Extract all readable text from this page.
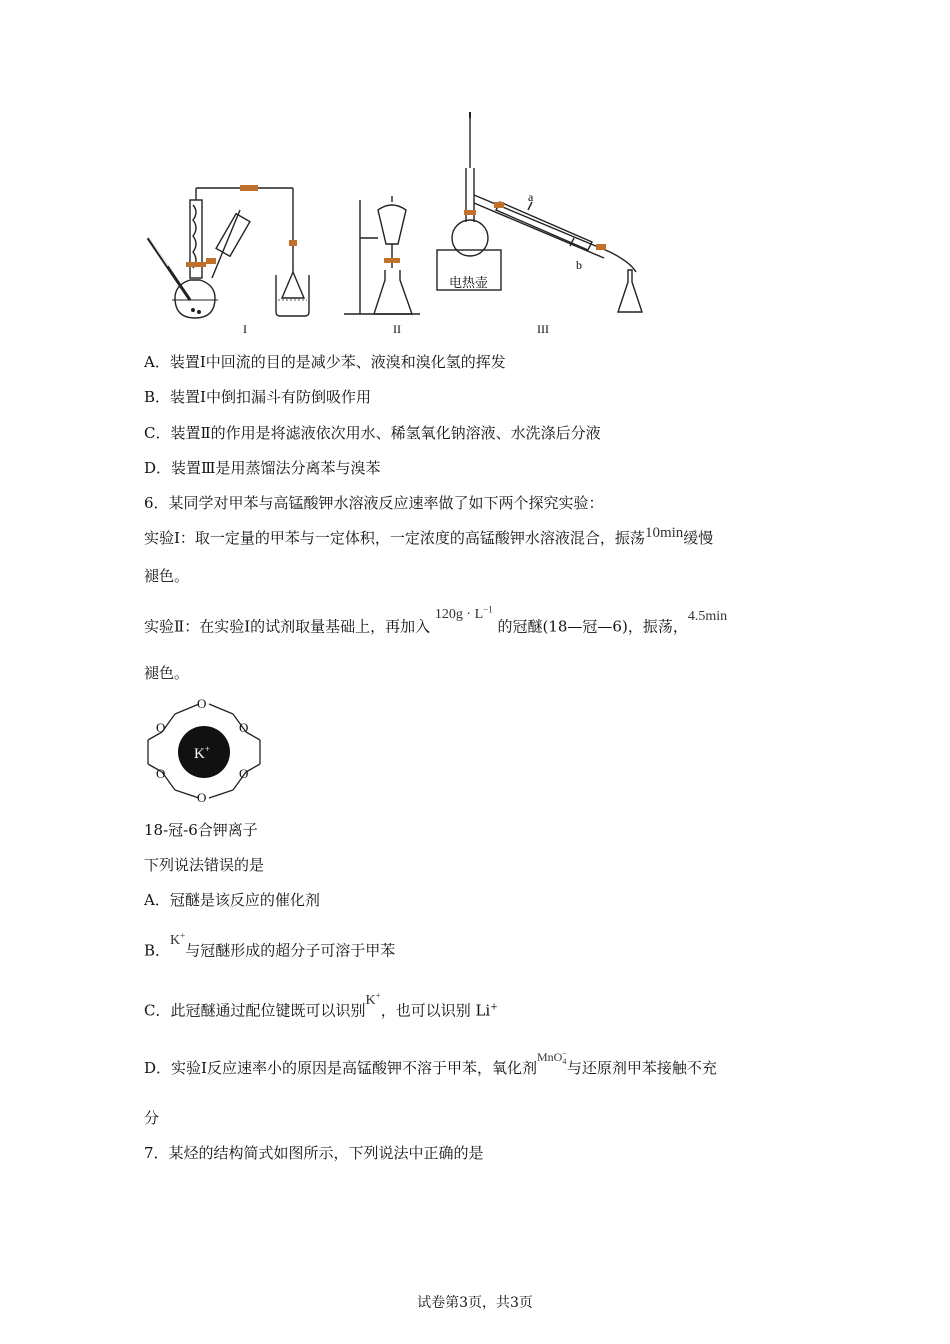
I	II	III
电热壶
a
b
A．装置Ⅰ中回流的目的是减少苯、液溴和溴化氢的挥发
B．装置Ⅰ中倒扣漏斗有防倒吸作用
C．装置Ⅱ的作用是将滤液依次用水、稀氢氧化钠溶液、水洗涤后分液
D．装置Ⅲ是用蒸馏法分离苯与溴苯
6．某同学对甲苯与高锰酸钾水溶液反应速率做了如下两个探究实验：
实验Ⅰ：取一定量的甲苯与一定体积，一定浓度的高锰酸钾水溶液混合，振荡10min缓慢
褪色。
实验Ⅱ：在实验Ⅰ的试剂取量基础上，再加入 $120g \cdot L^{-1}$ 的冠醚(18—冠—6)，振荡，4.5min
褪色。
O
O	O
O	O
O
K+
18-冠-6合钾离子
下列说法错误的是
A．冠醚是该反应的催化剂
B．K+与冠醚形成的超分子可溶于甲苯
C．此冠醚通过配位键既可以识别K+，也可以识别 Li+
D．实验Ⅰ反应速率小的原因是高锰酸钾不溶于甲苯，氧化剂$^{MnO- 4}$与还原剂甲苯接触不充
分
7．某烃的结构简式如图所示，下列说法中正确的是
试卷第3页，共3页
